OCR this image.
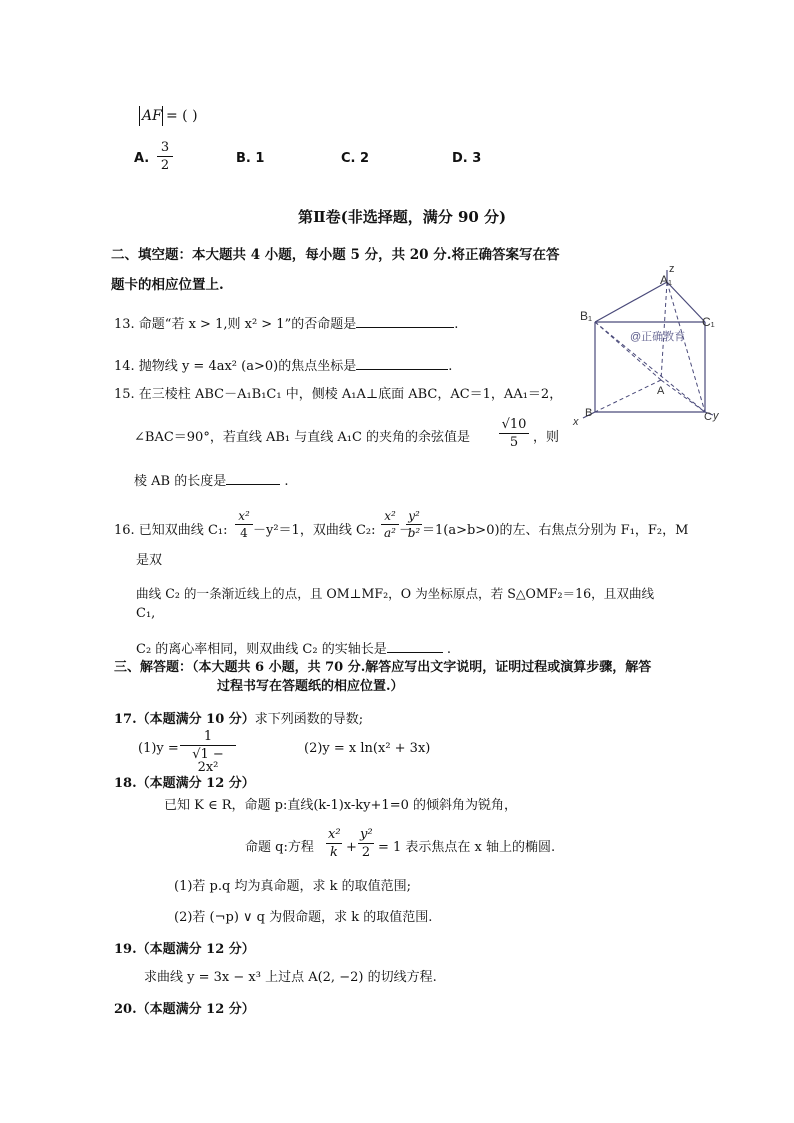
AF = ( )
A. $\frac{3}{2}$	B. 1	C. 2	D. 3
第Ⅱ卷(非选择题，满分 90 分)
二、填空题：本大题共 4 小题，每小题 5 分，共 20 分.将正确答案写在答
题卡的相应位置上.
13. 命题“若 x > 1,则 x² > 1”的否命题是	.
14. 抛物线 y = 4ax² (a>0)的焦点坐标是	.
15. 在三棱柱 ABC－A₁B₁C₁ 中，侧棱 A₁A⊥底面 ABC，AC＝1，AA₁＝2，
∠BAC＝90°，若直线 AB₁ 与直线 A₁C 的夹角的余弦值是 $\frac{√10}{5}$ ，则
棱 AB 的长度是	.
16. 已知双曲线 C₁: $\frac{\text{x²}}{4} -y^2=1$，双曲线 C₂: $\frac{\text{x²}}{\text{a²}}$ －
$\frac{\text{y²}}{\text{b²}} =1(a>b>0)$的左、右焦点分别为 F₁，F₂，M
是双
曲线 C₂ 的一条渐近线上的点，且 OM⊥MF₂，O 为坐标原点，若 S△OMF₂＝16，且双曲线
C₁,
C₂ 的离心率相同，则双曲线 C₂ 的实轴长是	.
三、解答题：（本大题共 6 小题，共 70 分.解答应写出文字说明，证明过程或演算步骤，解答
过程书写在答题纸的相应位置.）
17.（本题满分 10 分）求下列函数的导数;
$(1)y = \frac{1}{\text{√1 − 2x²}}$	(2)y = x ln(x² + 3x)
18.（本题满分 12 分）
已知 K ∈ R，命题 p:直线(k-1)x-ky+1=0 的倾斜角为锐角，
命题 q:方程 $\frac{\text{x²}}{k} + \frac{\text{y²}}{2} = 1$ 表示焦点在 x 轴上的椭圆.
(1)若 p.q 均为真命题，求 k 的取值范围;
(2)若 (¬p) ∨ q 为假命题，求 k 的取值范围.
19.（本题满分 12 分）
求曲线 y = 3x − x³ 上过点 A(2, −2) 的切线方程.
20.（本题满分 12 分）
z
A₁
B₁	C₁
A
x
B	C y
@正确教育
